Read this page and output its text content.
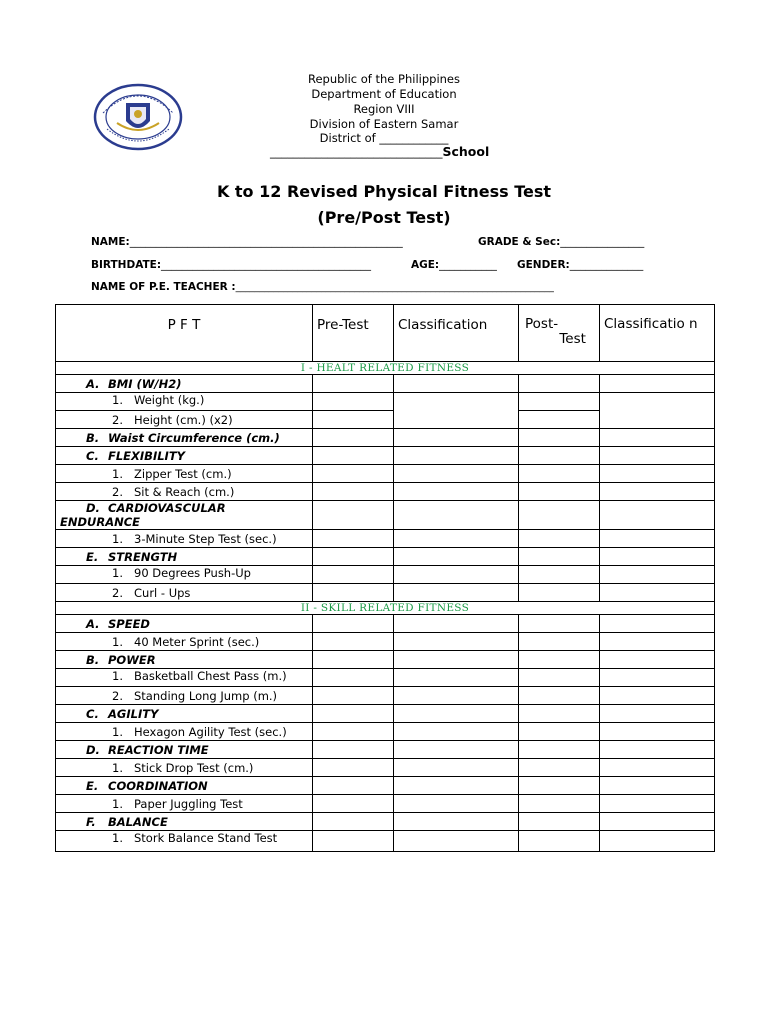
Republic of the Philippines
Department of Education
Region VIII
Division of Eastern Samar
District of ____________
______________________________School
K to 12 Revised Physical Fitness Test
(Pre/Post Test)
NAME:____________________________________________________	GRADE & Sec:________________
BIRTHDATE:________________________________________	AGE:___________ GENDER:______________
NAME OF P.E. TEACHER :___________________________________________________________________
P F T	Pre-Test	Classification	Post-        Test	Classificatio n
I - HEALT RELATED FITNESS				
A. BMI (W/H2)				
1. Weight (kg.)				
2. Height (cm.) (x2)				
B. Waist Circumference (cm.)				
C. FLEXIBILITY				
1. Zipper Test (cm.)				
2. Sit & Reach (cm.)				
D. CARDIOVASCULAR ENDURANCE				
1. 3-Minute Step Test (sec.)				
E. STRENGTH				
1. 90 Degrees Push-Up				
2. Curl - Ups				
II - SKILL RELATED FITNESS				
A. SPEED				
1. 40 Meter Sprint (sec.)				
B. POWER				
1. Basketball Chest Pass (m.)				
2. Standing Long Jump (m.)				
C. AGILITY				
1. Hexagon Agility Test (sec.)				
D. REACTION TIME				
1. Stick Drop Test (cm.)				
E. COORDINATION				
1. Paper Juggling Test				
F. BALANCE				
1. Stork Balance Stand Test				
